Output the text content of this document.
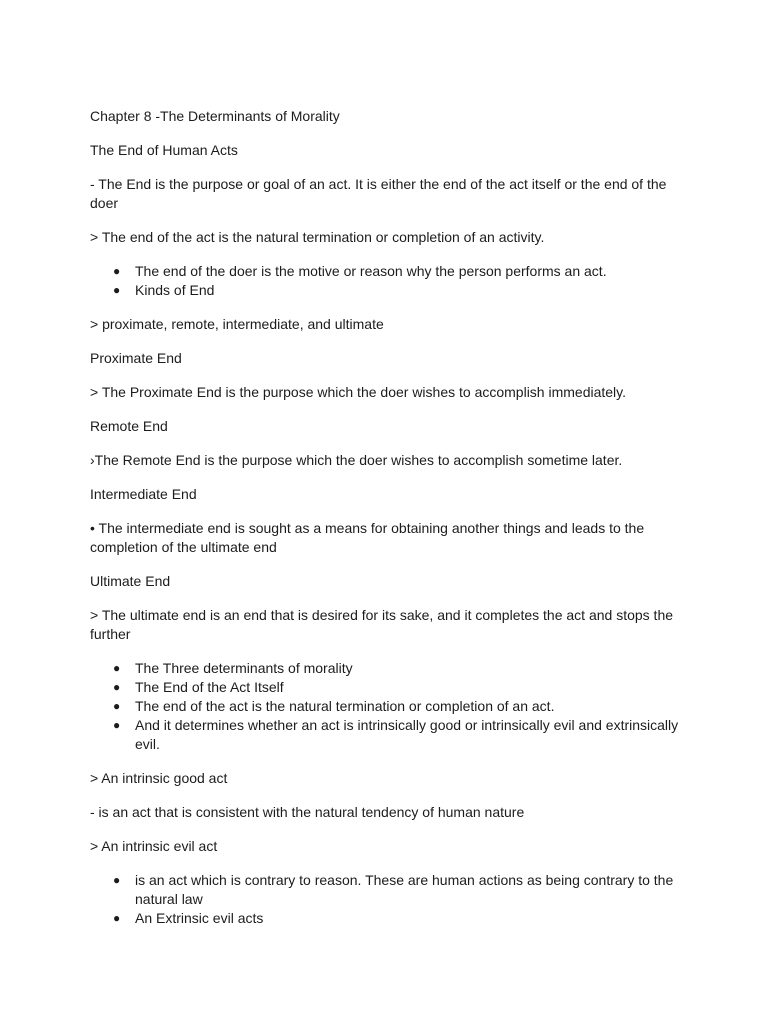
Chapter 8 -The Determinants of Morality

The End of Human Acts

- The End is the purpose or goal of an act. It is either the end of the act itself or the end of the doer

> The end of the act is the natural termination or completion of an activity.

● The end of the doer is the motive or reason why the person performs an act.
● Kinds of End

> proximate, remote, intermediate, and ultimate

Proximate End

> The Proximate End is the purpose which the doer wishes to accomplish immediately.

Remote End

›The Remote End is the purpose which the doer wishes to accomplish sometime later.

Intermediate End

• The intermediate end is sought as a means for obtaining another things and leads to the completion of the ultimate end

Ultimate End

> The ultimate end is an end that is desired for its sake, and it completes the act and stops the further

● The Three determinants of morality
● The End of the Act Itself
● The end of the act is the natural termination or completion of an act.
● And it determines whether an act is intrinsically good or intrinsically evil and extrinsically evil.

> An intrinsic good act

- is an act that is consistent with the natural tendency of human nature

> An intrinsic evil act

● is an act which is contrary to reason. These are human actions as being contrary to the natural law
● An Extrinsic evil acts
